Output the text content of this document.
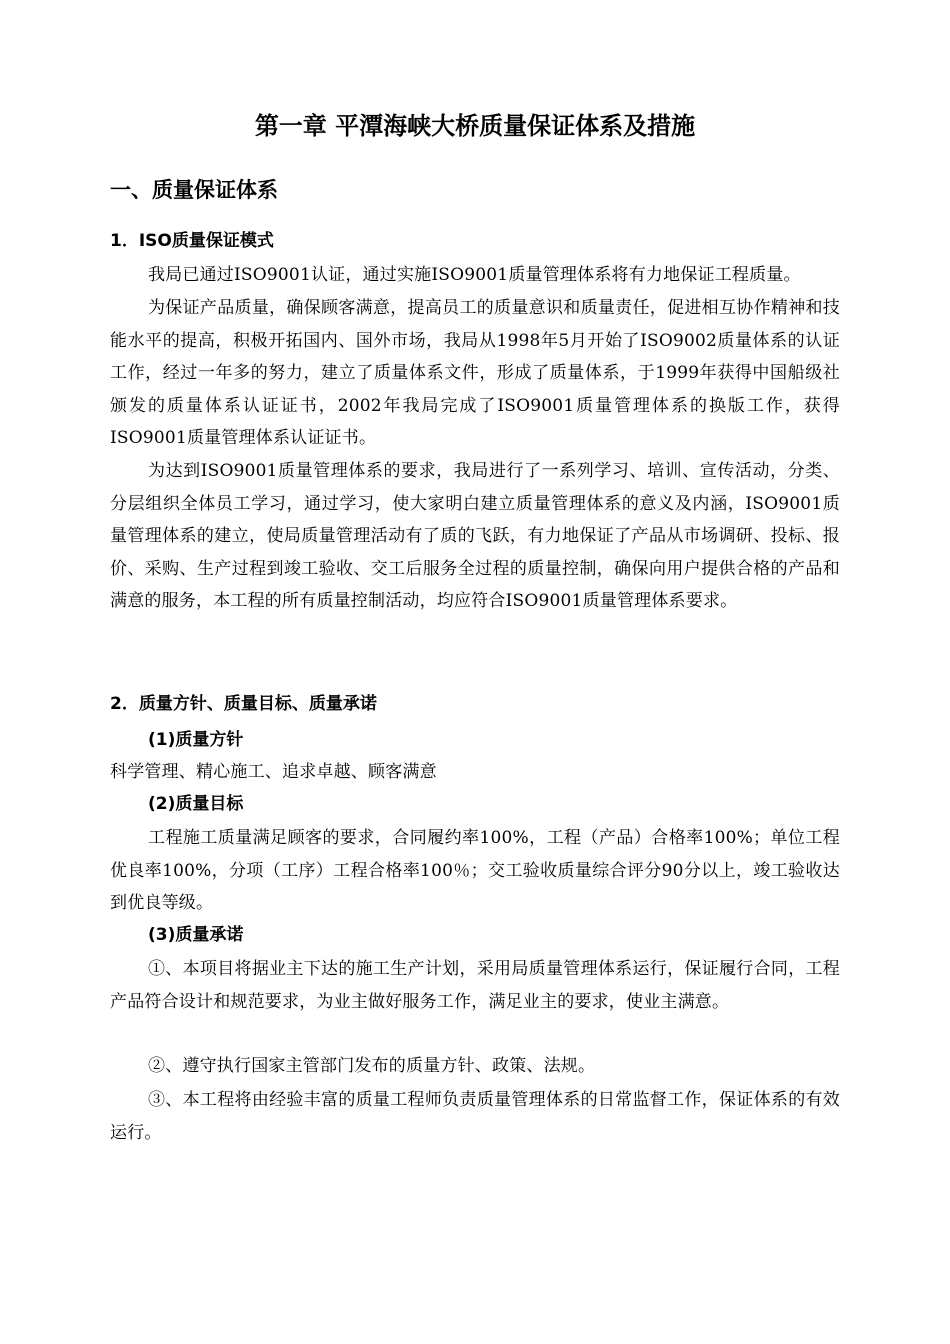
第一章 平潭海峡大桥质量保证体系及措施
一、质量保证体系
1．ISO质量保证模式

我局已通过ISO9001认证，通过实施ISO9001质量管理体系将有力地保证工程质量。

为保证产品质量，确保顾客满意，提高员工的质量意识和质量责任，促进相互协作精神和技能水平的提高，积极开拓国内、国外市场，我局从1998年5月开始了ISO9002质量体系的认证工作，经过一年多的努力，建立了质量体系文件，形成了质量体系，于1999年获得中国船级社颁发的质量体系认证证书，2002年我局完成了ISO9001质量管理体系的换版工作，获得ISO9001质量管理体系认证证书。

为达到ISO9001质量管理体系的要求，我局进行了一系列学习、培训、宣传活动，分类、分层组织全体员工学习，通过学习，使大家明白建立质量管理体系的意义及内涵，ISO9001质量管理体系的建立，使局质量管理活动有了质的飞跃，有力地保证了产品从市场调研、投标、报价、采购、生产过程到竣工验收、交工后服务全过程的质量控制，确保向用户提供合格的产品和满意的服务，本工程的所有质量控制活动，均应符合ISO9001质量管理体系要求。

2．质量方针、质量目标、质量承诺
(1)质量方针

科学管理、精心施工、追求卓越、顾客满意

(2)质量目标

工程施工质量满足顾客的要求，合同履约率100%，工程（产品）合格率100%；单位工程优良率100%，分项（工序）工程合格率100％；交工验收质量综合评分90分以上，竣工验收达到优良等级。

(3)质量承诺

①、本项目将据业主下达的施工生产计划，采用局质量管理体系运行，保证履行合同，工程产品符合设计和规范要求，为业主做好服务工作，满足业主的要求，使业主满意。

②、遵守执行国家主管部门发布的质量方针、政策、法规。

③、本工程将由经验丰富的质量工程师负责质量管理体系的日常监督工作，保证体系的有效运行。
